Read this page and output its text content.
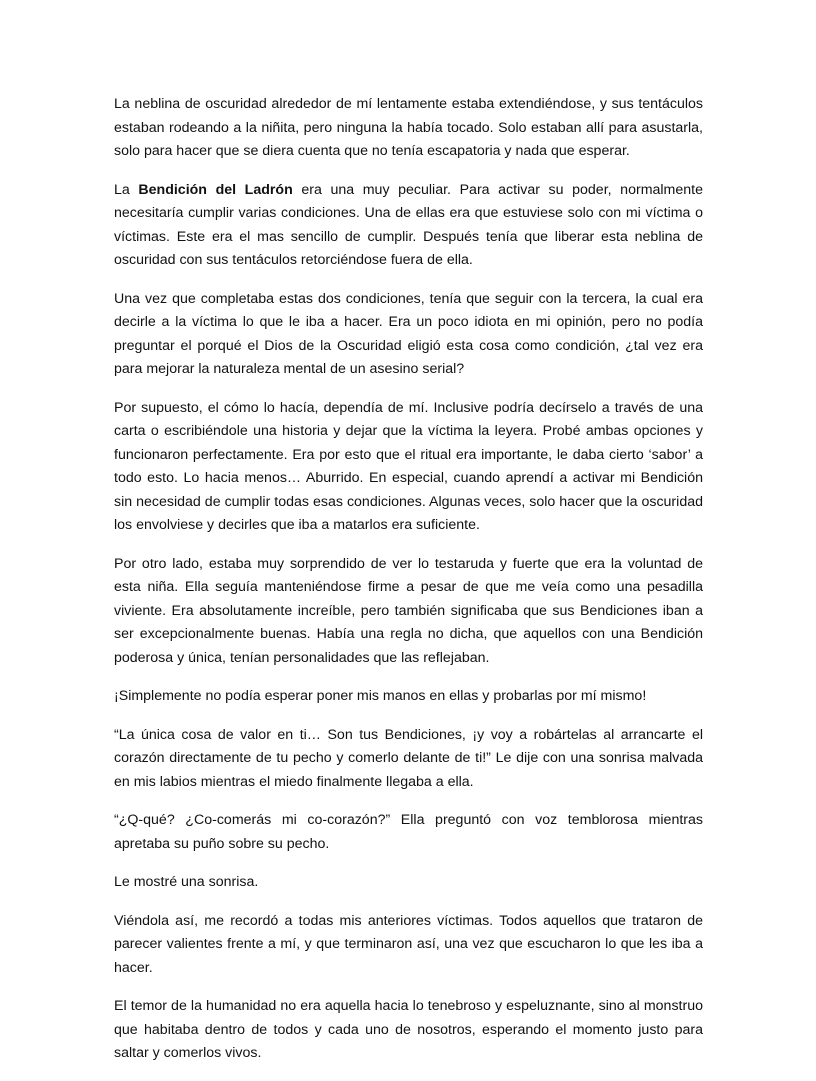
La neblina de oscuridad alrededor de mí lentamente estaba extendiéndose, y sus tentáculos estaban rodeando a la niñita, pero ninguna la había tocado. Solo estaban allí para asustarla, solo para hacer que se diera cuenta que no tenía escapatoria y nada que esperar.

La Bendición del Ladrón era una muy peculiar. Para activar su poder, normalmente necesitaría cumplir varias condiciones. Una de ellas era que estuviese solo con mi víctima o víctimas. Este era el mas sencillo de cumplir. Después tenía que liberar esta neblina de oscuridad con sus tentáculos retorciéndose fuera de ella.

Una vez que completaba estas dos condiciones, tenía que seguir con la tercera, la cual era decirle a la víctima lo que le iba a hacer. Era un poco idiota en mi opinión, pero no podía preguntar el porqué el Dios de la Oscuridad eligió esta cosa como condición, ¿tal vez era para mejorar la naturaleza mental de un asesino serial?

Por supuesto, el cómo lo hacía, dependía de mí. Inclusive podría decírselo a través de una carta o escribiéndole una historia y dejar que la víctima la leyera. Probé ambas opciones y funcionaron perfectamente. Era por esto que el ritual era importante, le daba cierto ‘sabor’ a todo esto. Lo hacia menos… Aburrido. En especial, cuando aprendí a activar mi Bendición sin necesidad de cumplir todas esas condiciones. Algunas veces, solo hacer que la oscuridad los envolviese y decirles que iba a matarlos era suficiente.

Por otro lado, estaba muy sorprendido de ver lo testaruda y fuerte que era la voluntad de esta niña. Ella seguía manteniéndose firme a pesar de que me veía como una pesadilla viviente. Era absolutamente increíble, pero también significaba que sus Bendiciones iban a ser excepcionalmente buenas. Había una regla no dicha, que aquellos con una Bendición poderosa y única, tenían personalidades que las reflejaban.

¡Simplemente no podía esperar poner mis manos en ellas y probarlas por mí mismo!

“La única cosa de valor en ti… Son tus Bendiciones, ¡y voy a robártelas al arrancarte el corazón directamente de tu pecho y comerlo delante de ti!” Le dije con una sonrisa malvada en mis labios mientras el miedo finalmente llegaba a ella.

“¿Q-qué? ¿Co-comerás mi co-corazón?” Ella preguntó con voz temblorosa mientras apretaba su puño sobre su pecho.

Le mostré una sonrisa.

Viéndola así, me recordó a todas mis anteriores víctimas. Todos aquellos que trataron de parecer valientes frente a mí, y que terminaron así, una vez que escucharon lo que les iba a hacer.

El temor de la humanidad no era aquella hacia lo tenebroso y espeluznante, sino al monstruo que habitaba dentro de todos y cada uno de nosotros, esperando el momento justo para saltar y comerlos vivos.
